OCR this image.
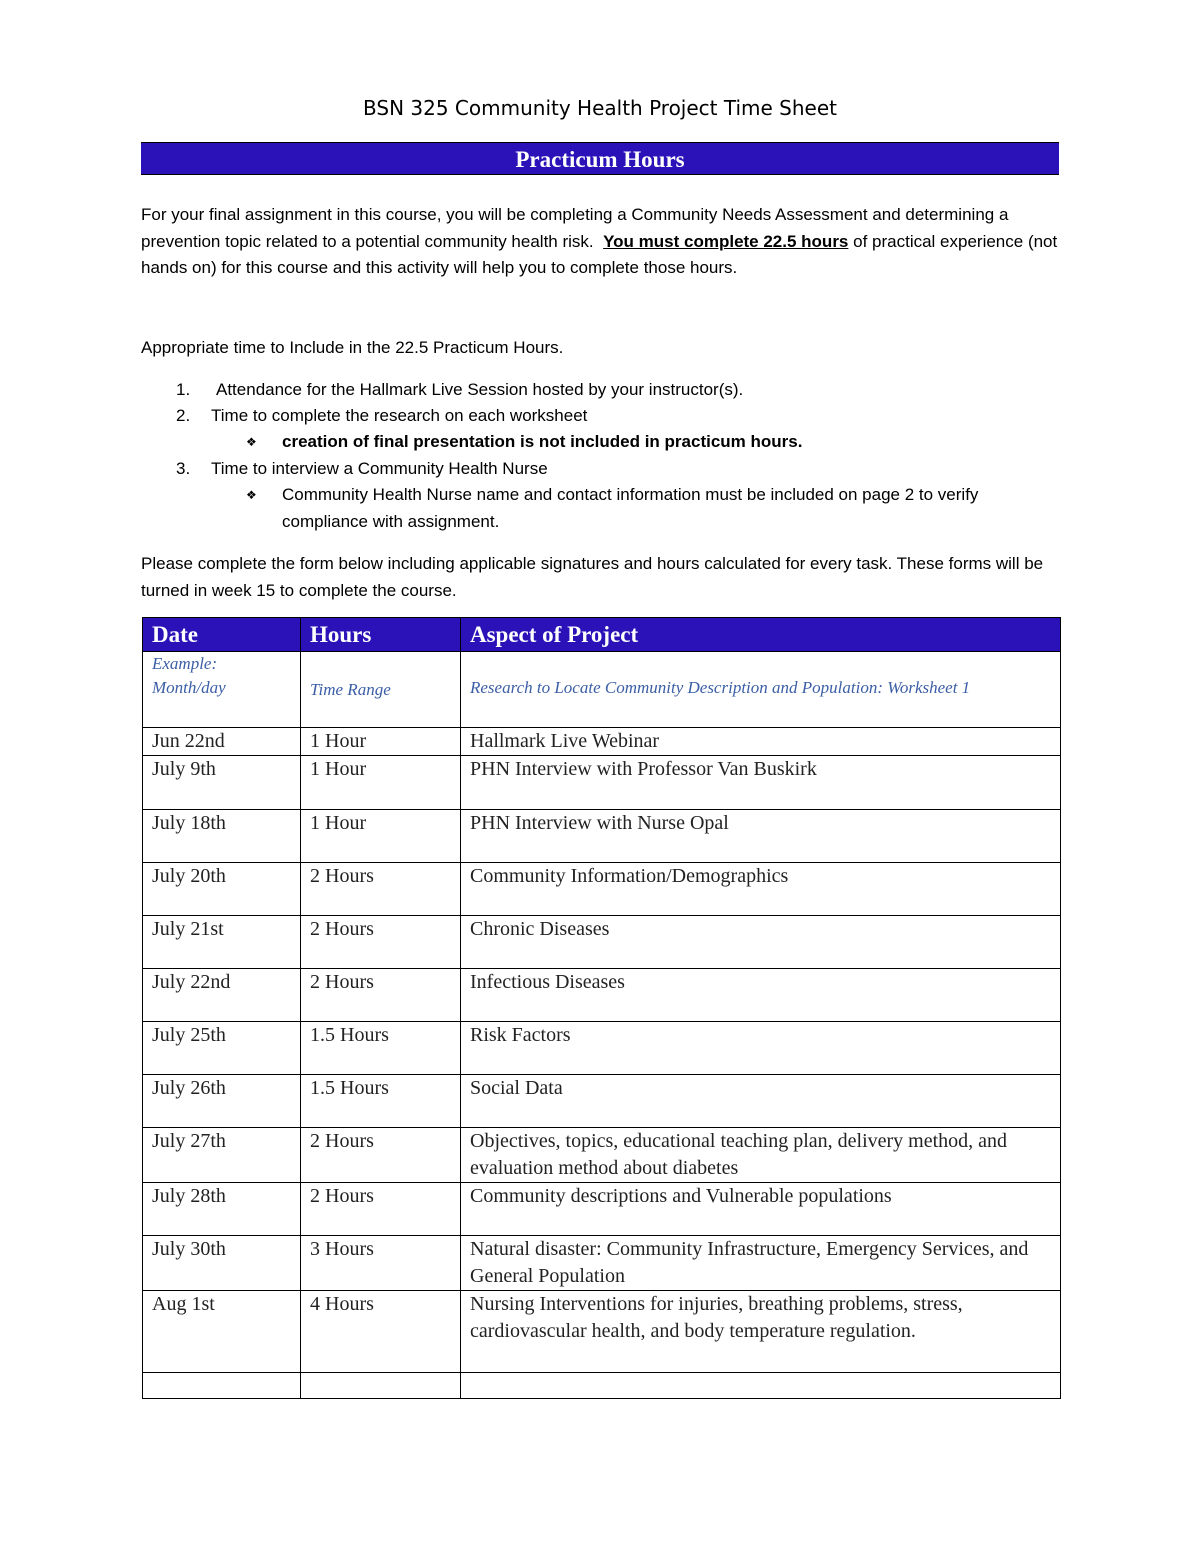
BSN 325 Community Health Project Time Sheet
Practicum Hours
For your final assignment in this course, you will be completing a Community Needs Assessment and determining a prevention topic related to a potential community health risk. You must complete 22.5 hours of practical experience (not hands on) for this course and this activity will help you to complete those hours.
Appropriate time to Include in the 22.5 Practicum Hours.
1.	Attendance for the Hallmark Live Session hosted by your instructor(s).
2.	Time to complete the research on each worksheet
❖ creation of final presentation is not included in practicum hours.
3.	Time to interview a Community Health Nurse
❖ Community Health Nurse name and contact information must be included on page 2 to verify compliance with assignment.
Please complete the form below including applicable signatures and hours calculated for every task. These forms will be turned in week 15 to complete the course.
Date	Hours	Aspect of Project
Example: Month/day	Time Range	Research to Locate Community Description and Population: Worksheet 1
Jun 22nd	1 Hour	Hallmark Live Webinar
July 9th	1 Hour	PHN Interview with Professor Van Buskirk
July 18th	1 Hour	PHN Interview with Nurse Opal
July 20th	2 Hours	Community Information/Demographics
July 21st	2 Hours	Chronic Diseases
July 22nd	2 Hours	Infectious Diseases
July 25th	1.5 Hours	Risk Factors
July 26th	1.5 Hours	Social Data
July 27th	2 Hours	Objectives, topics, educational teaching plan, delivery method, and evaluation method about diabetes
July 28th	2 Hours	Community descriptions and Vulnerable populations
July 30th	3 Hours	Natural disaster: Community Infrastructure, Emergency Services, and General Population
Aug 1st	4 Hours	Nursing Interventions for injuries, breathing problems, stress, cardiovascular health, and body temperature regulation.
